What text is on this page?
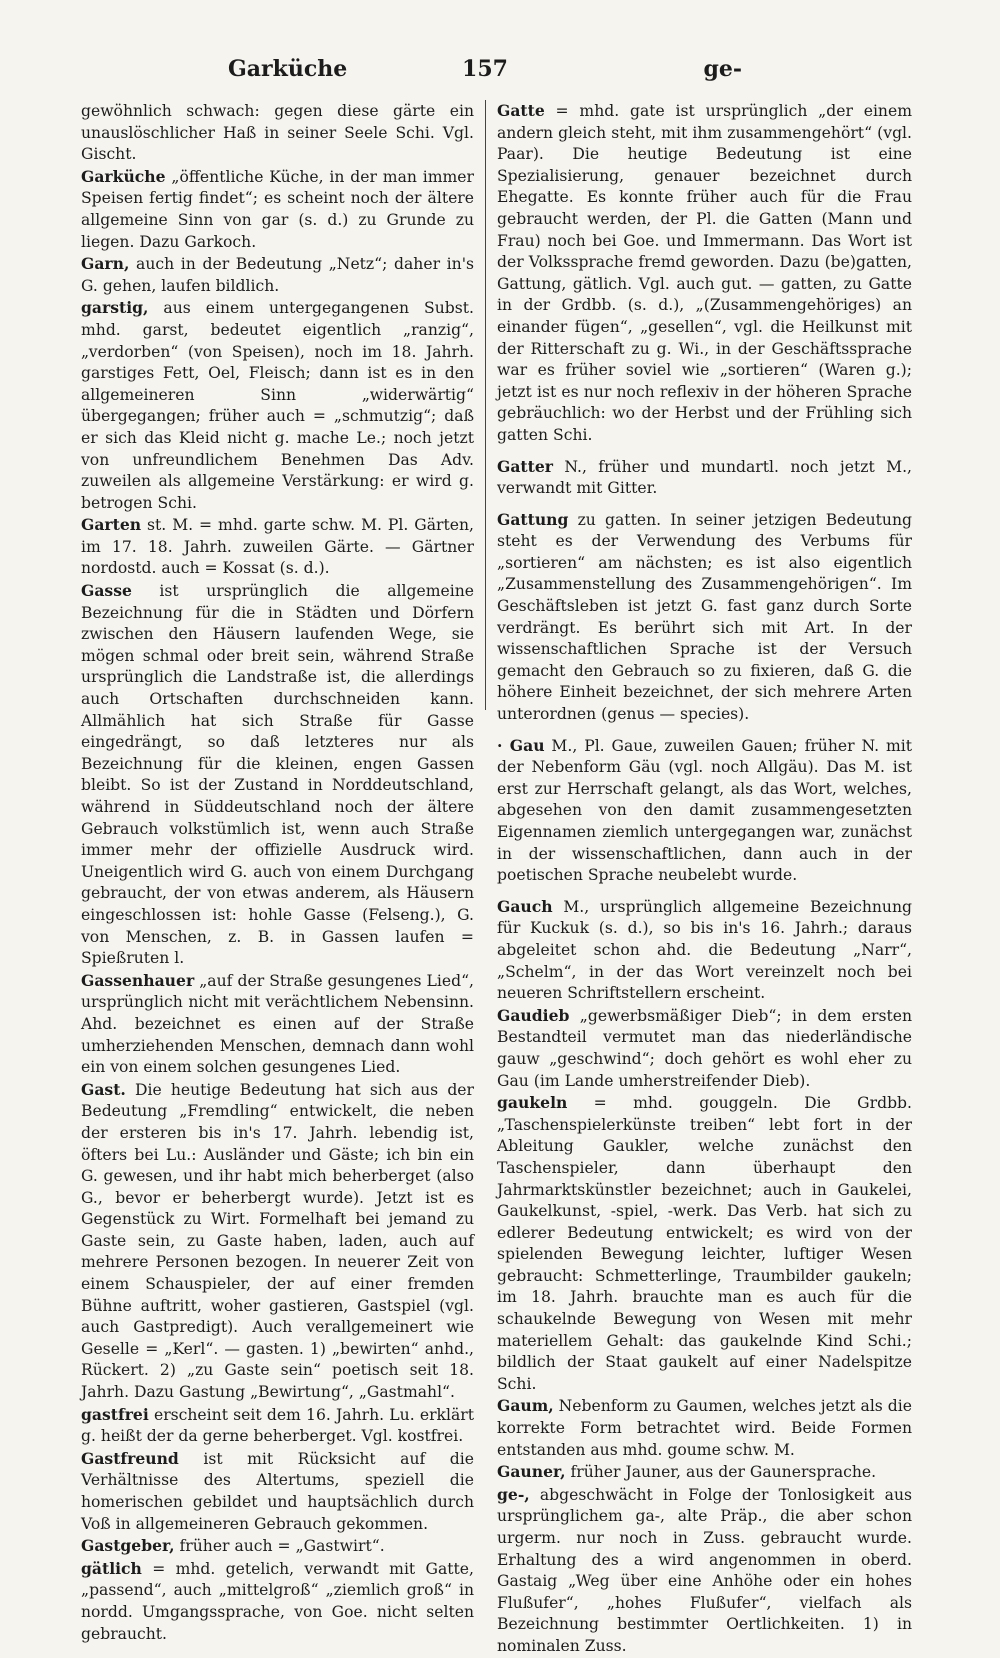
Garküche	157	ge-

gewöhnlich schwach: gegen diese gärte ein unauslöschlicher Haß in seiner Seele Schi. Vgl. Gischt.

Garküche „öffentliche Küche, in der man immer Speisen fertig findet“; es scheint noch der ältere allgemeine Sinn von gar (s. d.) zu Grunde zu liegen. Dazu Garkoch.

Garn, auch in der Bedeutung „Netz“; daher in's G. gehen, laufen bildlich.

garstig, aus einem untergegangenen Subst. mhd. garst, bedeutet eigentlich „ranzig“, „verdorben“ (von Speisen), noch im 18. Jahrh. garstiges Fett, Oel, Fleisch; dann ist es in den allgemeineren Sinn „widerwärtig“ übergegangen; früher auch = „schmutzig“; daß er sich das Kleid nicht g. mache Le.; noch jetzt von unfreundlichem Benehmen Das Adv. zuweilen als allgemeine Verstärkung: er wird g. betrogen Schi.

Garten st. M. = mhd. garte schw. M. Pl. Gärten, im 17. 18. Jahrh. zuweilen Gärte. — Gärtner nordostd. auch = Kossat (s. d.).

Gasse ist ursprünglich die allgemeine Bezeichnung für die in Städten und Dörfern zwischen den Häusern laufenden Wege, sie mögen schmal oder breit sein, während Straße ursprünglich die Landstraße ist, die allerdings auch Ortschaften durchschneiden kann. Allmählich hat sich Straße für Gasse eingedrängt, so daß letzteres nur als Bezeichnung für die kleinen, engen Gassen bleibt. So ist der Zustand in Norddeutschland, während in Süddeutschland noch der ältere Gebrauch volkstümlich ist, wenn auch Straße immer mehr der offizielle Ausdruck wird. Uneigentlich wird G. auch von einem Durchgang gebraucht, der von etwas anderem, als Häusern eingeschlossen ist: hohle Gasse (Felseng.), G. von Menschen, z. B. in Gassen laufen = Spießruten l.

Gassenhauer „auf der Straße gesungenes Lied“, ursprünglich nicht mit verächtlichem Nebensinn. Ahd. bezeichnet es einen auf der Straße umherziehenden Menschen, demnach dann wohl ein von einem solchen gesungenes Lied.

Gast. Die heutige Bedeutung hat sich aus der Bedeutung „Fremdling“ entwickelt, die neben der ersteren bis in's 17. Jahrh. lebendig ist, öfters bei Lu.: Ausländer und Gäste; ich bin ein G. gewesen, und ihr habt mich beherberget (also G., bevor er beherbergt wurde). Jetzt ist es Gegenstück zu Wirt. Formelhaft bei jemand zu Gaste sein, zu Gaste haben, laden, auch auf mehrere Personen bezogen. In neuerer Zeit von einem Schauspieler, der auf einer fremden Bühne auftritt, woher gastieren, Gastspiel (vgl. auch Gastpredigt). Auch verallgemeinert wie Geselle = „Kerl“. — gasten. 1) „bewirten“ anhd., Rückert. 2) „zu Gaste sein“ poetisch seit 18. Jahrh. Dazu Gastung „Bewirtung“, „Gastmahl“.

gastfrei erscheint seit dem 16. Jahrh. Lu. erklärt g. heißt der da gerne beherberget. Vgl. kostfrei.

Gastfreund ist mit Rücksicht auf die Verhältnisse des Altertums, speziell die homerischen gebildet und hauptsächlich durch Voß in allgemeineren Gebrauch gekommen.

Gastgeber, früher auch = „Gastwirt“.

gätlich = mhd. getelich, verwandt mit Gatte, „passend“, auch „mittelgroß“ „ziemlich groß“ in nordd. Umgangssprache, von Goe. nicht selten gebraucht.

Gatte = mhd. gate ist ursprünglich „der einem andern gleich steht, mit ihm zusammengehört“ (vgl. Paar). Die heutige Bedeutung ist eine Spezialisierung, genauer bezeichnet durch Ehegatte. Es konnte früher auch für die Frau gebraucht werden, der Pl. die Gatten (Mann und Frau) noch bei Goe. und Immermann. Das Wort ist der Volkssprache fremd geworden. Dazu (be)gatten, Gattung, gätlich. Vgl. auch gut. — gatten, zu Gatte in der Grdbb. (s. d.), „(Zusammengehöriges) an einander fügen“, „gesellen“, vgl. die Heilkunst mit der Ritterschaft zu g. Wi., in der Geschäftssprache war es früher soviel wie „sortieren“ (Waren g.); jetzt ist es nur noch reflexiv in der höheren Sprache gebräuchlich: wo der Herbst und der Frühling sich gatten Schi.

Gatter N., früher und mundartl. noch jetzt M., verwandt mit Gitter.

Gattung zu gatten. In seiner jetzigen Bedeutung steht es der Verwendung des Verbums für „sortieren“ am nächsten; es ist also eigentlich „Zusammenstellung des Zusammengehörigen“. Im Geschäftsleben ist jetzt G. fast ganz durch Sorte verdrängt. Es berührt sich mit Art. In der wissenschaftlichen Sprache ist der Versuch gemacht den Gebrauch so zu fixieren, daß G. die höhere Einheit bezeichnet, der sich mehrere Arten unterordnen (genus — species).

· Gau M., Pl. Gaue, zuweilen Gauen; früher N. mit der Nebenform Gäu (vgl. noch Allgäu). Das M. ist erst zur Herrschaft gelangt, als das Wort, welches, abgesehen von den damit zusammengesetzten Eigennamen ziemlich untergegangen war, zunächst in der wissenschaftlichen, dann auch in der poetischen Sprache neubelebt wurde.

Gauch M., ursprünglich allgemeine Bezeichnung für Kuckuk (s. d.), so bis in's 16. Jahrh.; daraus abgeleitet schon ahd. die Bedeutung „Narr“, „Schelm“, in der das Wort vereinzelt noch bei neueren Schriftstellern erscheint.

Gaudieb „gewerbsmäßiger Dieb“; in dem ersten Bestandteil vermutet man das niederländische gauw „geschwind“; doch gehört es wohl eher zu Gau (im Lande umherstreifender Dieb).

gaukeln = mhd. gouggeln. Die Grdbb. „Taschenspielerkünste treiben“ lebt fort in der Ableitung Gaukler, welche zunächst den Taschenspieler, dann überhaupt den Jahrmarktskünstler bezeichnet; auch in Gaukelei, Gaukelkunst, -spiel, -werk. Das Verb. hat sich zu edlerer Bedeutung entwickelt; es wird von der spielenden Bewegung leichter, luftiger Wesen gebraucht: Schmetterlinge, Traumbilder gaukeln; im 18. Jahrh. brauchte man es auch für die schaukelnde Bewegung von Wesen mit mehr materiellem Gehalt: das gaukelnde Kind Schi.; bildlich der Staat gaukelt auf einer Nadelspitze Schi.

Gaum, Nebenform zu Gaumen, welches jetzt als die korrekte Form betrachtet wird. Beide Formen entstanden aus mhd. goume schw. M.

Gauner, früher Jauner, aus der Gaunersprache.

ge-, abgeschwächt in Folge der Tonlosigkeit aus ursprünglichem ga-, alte Präp., die aber schon urgerm. nur noch in Zuss. gebraucht wurde. Erhaltung des a wird angenommen in oberd. Gastaig „Weg über eine Anhöhe oder ein hohes Flußufer“, „hohes Flußufer“, vielfach als Bezeichnung bestimmter Oertlichkeiten. 1) in nominalen Zuss.
